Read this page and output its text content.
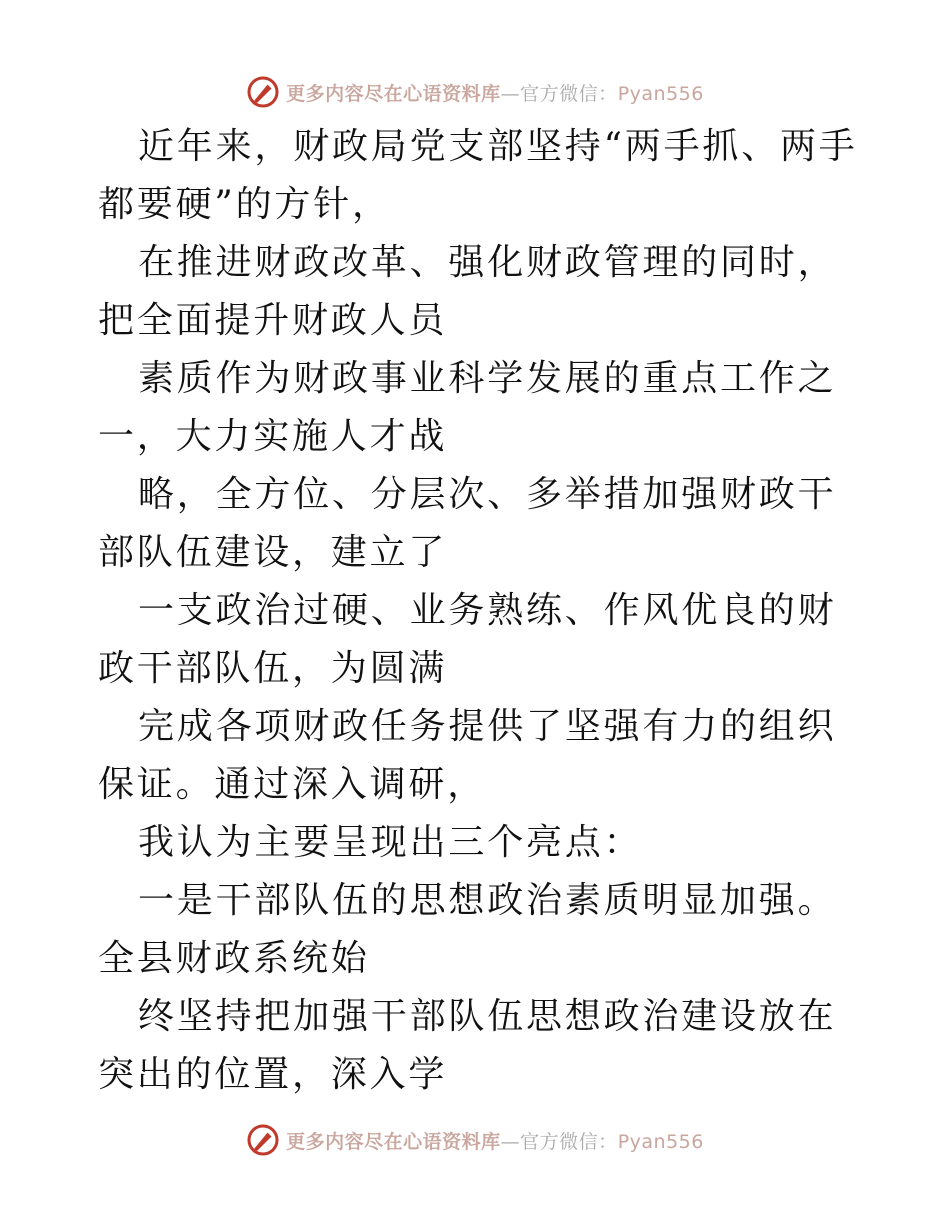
更多内容尽在心语资料库—官方微信：Pyan556

近年来，财政局党支部坚持“两手抓、两手都要硬”的方针，

在推进财政改革、强化财政管理的同时，把全面提升财政人员

素质作为财政事业科学发展的重点工作之一，大力实施人才战

略，全方位、分层次、多举措加强财政干部队伍建设，建立了

一支政治过硬、业务熟练、作风优良的财政干部队伍，为圆满

完成各项财政任务提供了坚强有力的组织保证。通过深入调研，

我认为主要呈现出三个亮点：

一是干部队伍的思想政治素质明显加强。全县财政系统始

终坚持把加强干部队伍思想政治建设放在突出的位置，深入学

更多内容尽在心语资料库—官方微信：Pyan556
